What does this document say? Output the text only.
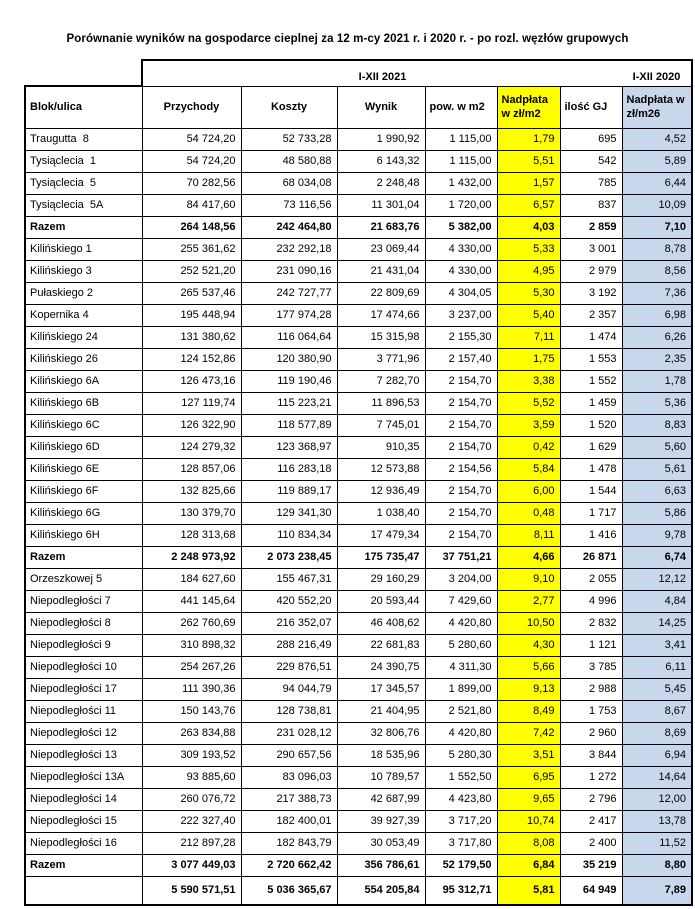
Porównanie wyników na gospodarce cieplnej za 12 m-cy 2021 r. i 2020 r. - po rozl. węzłów grupowych
	I-XII 2021						I-XII 2020
Blok/ulica	Przychody	Koszty	Wynik	pow. w m2	Nadpłata w zł/m2	ilość GJ	Nadpłata w zł/m26
Traugutta  8	54 724,20	52 733,28	1 990,92	1 115,00	1,79	695	4,52
Tysiąclecia  1	54 724,20	48 580,88	6 143,32	1 115,00	5,51	542	5,89
Tysiąclecia  5	70 282,56	68 034,08	2 248,48	1 432,00	1,57	785	6,44
Tysiąclecia  5A	84 417,60	73 116,56	11 301,04	1 720,00	6,57	837	10,09
Razem	264 148,56	242 464,80	21 683,76	5 382,00	4,03	2 859	7,10
Kilińskiego 1	255 361,62	232 292,18	23 069,44	4 330,00	5,33	3 001	8,78
Kilińskiego 3	252 521,20	231 090,16	21 431,04	4 330,00	4,95	2 979	8,56
Pułaskiego 2	265 537,46	242 727,77	22 809,69	4 304,05	5,30	3 192	7,36
Kopernika 4	195 448,94	177 974,28	17 474,66	3 237,00	5,40	2 357	6,98
Kilińskiego 24	131 380,62	116 064,64	15 315,98	2 155,30	7,11	1 474	6,26
Kilińskiego 26	124 152,86	120 380,90	3 771,96	2 157,40	1,75	1 553	2,35
Kilińskiego 6A	126 473,16	119 190,46	7 282,70	2 154,70	3,38	1 552	1,78
Kilińskiego 6B	127 119,74	115 223,21	11 896,53	2 154,70	5,52	1 459	5,36
Kilińskiego 6C	126 322,90	118 577,89	7 745,01	2 154,70	3,59	1 520	8,83
Kilińskiego 6D	124 279,32	123 368,97	910,35	2 154,70	0,42	1 629	5,60
Kilińskiego 6E	128 857,06	116 283,18	12 573,88	2 154,56	5,84	1 478	5,61
Kilińskiego 6F	132 825,66	119 889,17	12 936,49	2 154,70	6,00	1 544	6,63
Kilińskiego 6G	130 379,70	129 341,30	1 038,40	2 154,70	0,48	1 717	5,86
Kilińskiego 6H	128 313,68	110 834,34	17 479,34	2 154,70	8,11	1 416	9,78
Razem	2 248 973,92	2 073 238,45	175 735,47	37 751,21	4,66	26 871	6,74
Orzeszkowej 5	184 627,60	155 467,31	29 160,29	3 204,00	9,10	2 055	12,12
Niepodległości 7	441 145,64	420 552,20	20 593,44	7 429,60	2,77	4 996	4,84
Niepodległości 8	262 760,69	216 352,07	46 408,62	4 420,80	10,50	2 832	14,25
Niepodległości 9	310 898,32	288 216,49	22 681,83	5 280,60	4,30	1 121	3,41
Niepodległości 10	254 267,26	229 876,51	24 390,75	4 311,30	5,66	3 785	6,11
Niepodległości 17	111 390,36	94 044,79	17 345,57	1 899,00	9,13	2 988	5,45
Niepodległości 11	150 143,76	128 738,81	21 404,95	2 521,80	8,49	1 753	8,67
Niepodległości 12	263 834,88	231 028,12	32 806,76	4 420,80	7,42	2 960	8,69
Niepodległości 13	309 193,52	290 657,56	18 535,96	5 280,30	3,51	3 844	6,94
Niepodległości 13A	93 885,60	83 096,03	10 789,57	1 552,50	6,95	1 272	14,64
Niepodległości 14	260 076,72	217 388,73	42 687,99	4 423,80	9,65	2 796	12,00
Niepodległości 15	222 327,40	182 400,01	39 927,39	3 717,20	10,74	2 417	13,78
Niepodległości 16	212 897,28	182 843,79	30 053,49	3 717,80	8,08	2 400	11,52
Razem	3 077 449,03	2 720 662,42	356 786,61	52 179,50	6,84	35 219	8,80
	5 590 571,51	5 036 365,67	554 205,84	95 312,71	5,81	64 949	7,89
